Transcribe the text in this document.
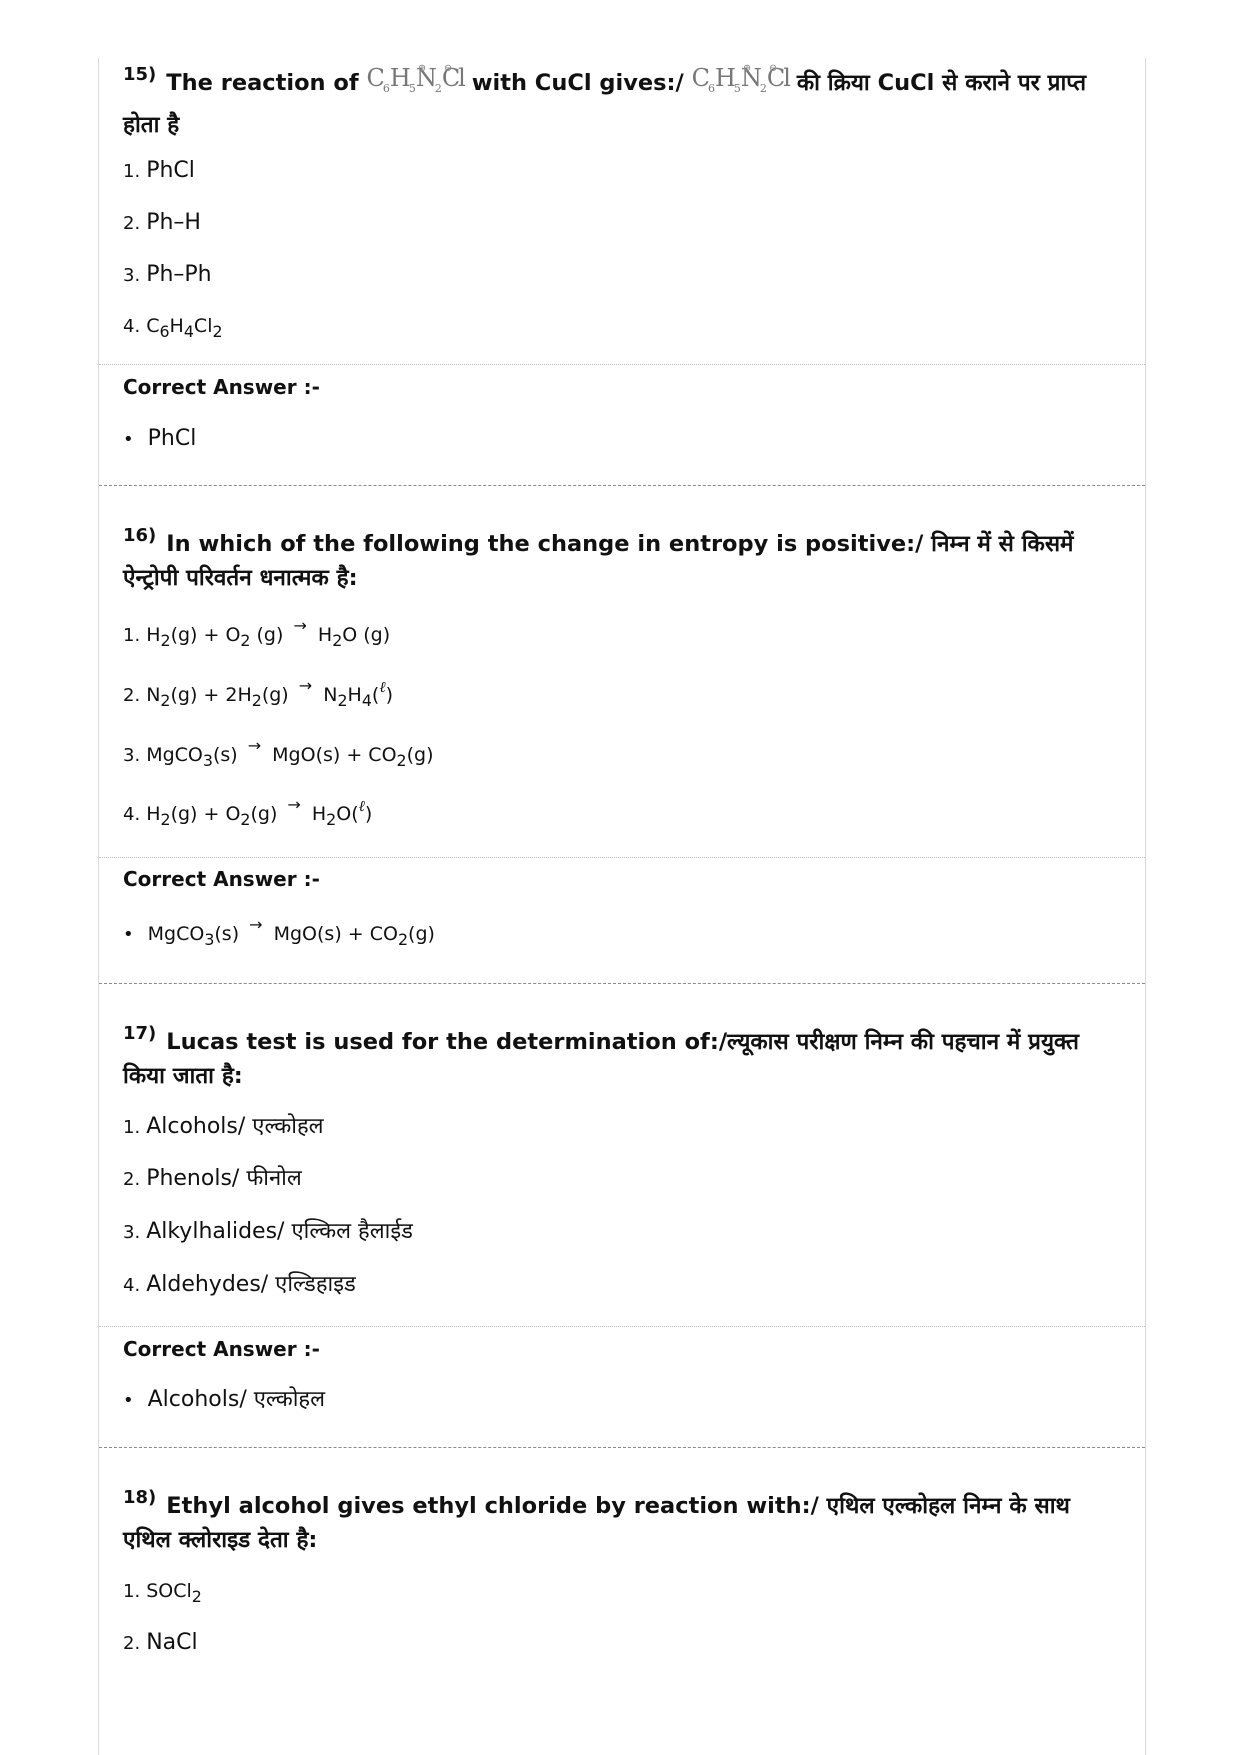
$^{15)}$ The reaction of $C_6H_5\oplus$ $N_2⊖$ Cl with CuCl gives:/ $C_6H_5\oplus$ $N_2⊖$ Cl की क्रिया CuCl से कराने पर प्राप्त होता है
1. PhCl
2. Ph–H
3. Ph–Ph
4. $C_6H_4Cl_2$
Correct Answer :-
• PhCl
$^{16)}$ In which of the following the change in entropy is positive:/ निम्न में से किसमें ऐन्ट्रोपी परिवर्तन धनात्मक है:
1. $H_2(g) + O_2$ $(g) \to H_2O$ (g)
2. $N_2(g) + 2H_2(g) \to N_2H_4(^\ell)$
3. MgCO$_3$(s) → $MgO(s) + CO_2(g)$
4. $H_2(g) + O_2(g) \to H_2O(^\ell)$
Correct Answer :-
• MgCO$_3$(s) → $MgO(s) + CO_2(g)$
$^{17)}$ Lucas test is used for the determination of:/ल्यूकास परीक्षण निम्न की पहचान में प्रयुक्त किया जाता है:
1. Alcohols/ एल्कोहल
2. Phenols/ फीनोल
3. Alkylhalides/ एल्किल हैलाईड
4. Aldehydes/ एल्डिहाइड
Correct Answer :-
• Alcohols/ एल्कोहल
$^{18)}$ Ethyl alcohol gives ethyl chloride by reaction with:/ एथिल एल्कोहल निम्न के साथ एथिल क्लोराइड देता है:
1. SOCl$_2$
2. NaCl
